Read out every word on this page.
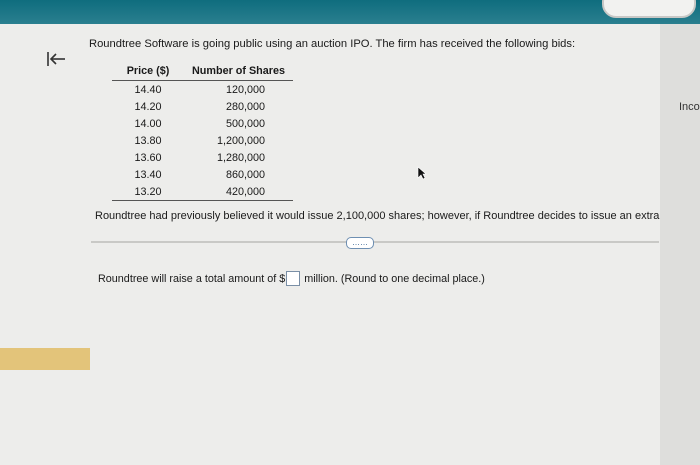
Inco
Roundtree Software is going public using an auction IPO. The firm has received the following bids:
Price ($)	Number of Shares
14.40	120,000
14.20	280,000
14.00	500,000
13.80	1,200,000
13.60	1,280,000
13.40	860,000
13.20	420,000
Roundtree had previously believed it would issue 2,100,000 shares; however, if Roundtree decides to issue an extra
……
Roundtree will raise a total amount of $ million. (Round to one decimal place.)
